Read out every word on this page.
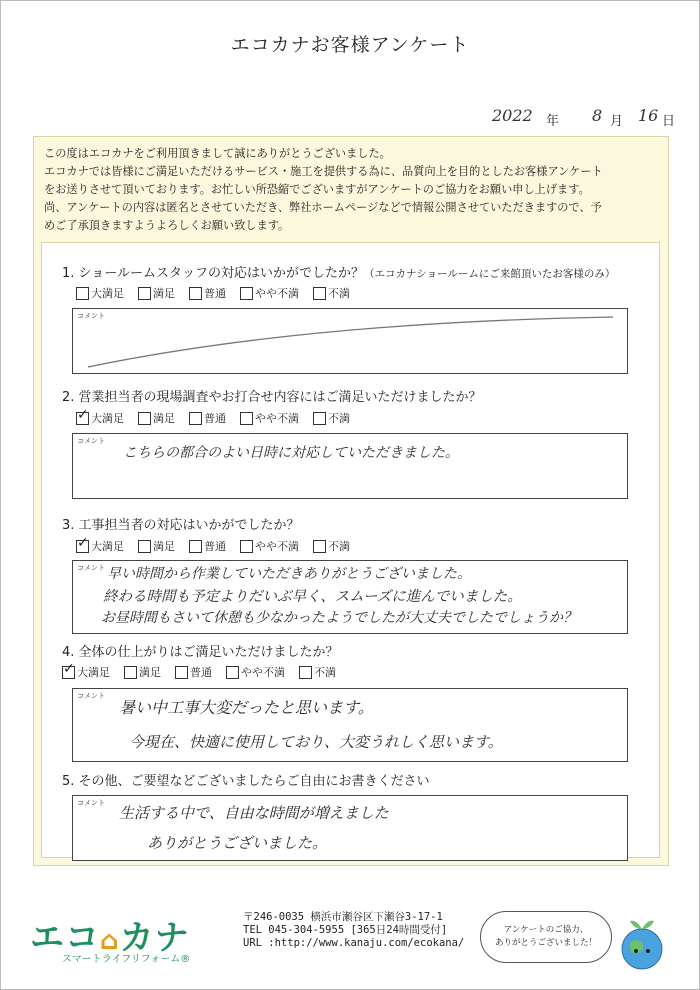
エコカナお客様アンケート
2022 年 8 月 16 日
この度はエコカナをご利用頂きまして誠にありがとうございました。
エコカナでは皆様にご満足いただけるサービス・施工を提供する為に、品質向上を目的としたお客様アンケート
をお送りさせて頂いております。お忙しい所恐縮でございますがアンケートのご協力をお願い申し上げます。
尚、アンケートの内容は匿名とさせていただき、弊社ホームページなどで情報公開させていただきますので、予
めご了承頂きますようよろしくお願い致します。
1. ショールームスタッフの対応はいかがでしたか？（エコカナショールームにご来館頂いたお客様のみ）
大満足	満足	普通	やや不満	不満
コメント
2. 営業担当者の現場調査やお打合せ内容にはご満足いただけましたか？
✓
大満足	満足	普通	やや不満	不満
コメント
こちらの都合のよい日時に対応していただきました。
3. 工事担当者の対応はいかがでしたか？
✓
大満足	満足	普通	やや不満	不満
コメント 早い時間から作業していただきありがとうございました。
終わる時間も予定よりだいぶ早く、スムーズに進んでいました。
お昼時間もさいて休憩も少なかったようでしたが大丈夫でしたでしょうか？
4. 全体の仕上がりはご満足いただけましたか？
✓
大満足	満足	普通	やや不満	不満
コメント
暑い中工事大変だったと思います。
今現在、快適に使用しており、大変うれしく思います。
5. その他、ご要望などございましたらご自由にお書きください
コメント
生活する中で、自由な時間が増えました
ありがとうございました。
エコ⌂カナ
スマートライフリフォーム®
〒246-0035 横浜市瀬谷区下瀬谷3-17-1
TEL 045-304-5955 [365日24時間受付]
URL :http://www.kanaju.com/ecokana/
アンケートのご協力、
ありがとうございました！
